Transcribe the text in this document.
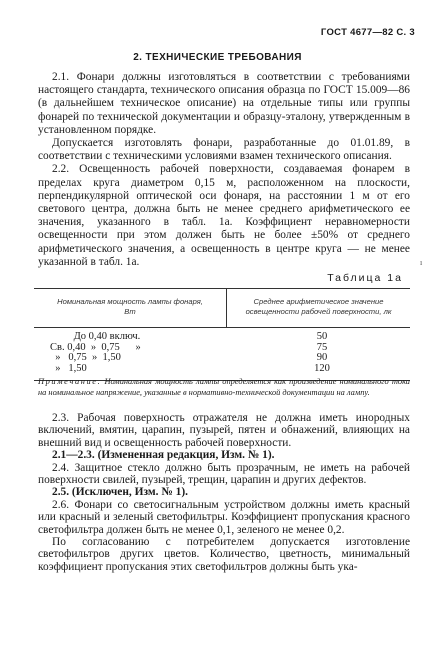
ГОСТ 4677—82 С. 3
2. ТЕХНИЧЕСКИЕ ТРЕБОВАНИЯ

2.1. Фонари должны изготовляться в соответствии с требованиями настоящего стандарта, технического описания образца по ГОСТ 15.009—86 (в дальнейшем техническое описание) на отдельные типы или группы фонарей по технической документации и образцу-эталону, утвержденным в установленном порядке.

Допускается изготовлять фонари, разработанные до 01.01.89, в соответствии с техническими условиями взамен технического описания.

2.2. Освещенность рабочей поверхности, создаваемая фонарем в пределах круга диаметром 0,15 м, расположенном на плоскости, перпендикулярной оптической оси фонаря, на расстоянии 1 м от его светового центра, должна быть не менее среднего арифметического ее значения, указанного в табл. 1а. Коэффициент неравномерности освещенности при этом должен быть не более ±50% от среднего арифметического значения, а освещенность в центре круга — не менее указанной в табл. 1а.	ı
Таблица 1а
Номинальная мощность лампы фонаря,
Вт
Среднее арифметическое значение
освещенности рабочей поверхности, лк
До 0,40 включ.
Св. 0,40  »  0,75      »
»   0,75  »  1,50
»   1,50
50
75
90
120
Примечание. Номинальная мощность лампы определяется как произведение номинального тока на номинальное напряжение, указанные в нормативно-технической документации на лампу.

2.3. Рабочая поверхность отражателя не должна иметь инородных включений, вмятин, царапин, пузырей, пятен и обнажений, влияющих на внешний вид и освещенность рабочей поверхности.

2.1—2.3. (Измененная редакция, Изм. № 1).

2.4. Защитное стекло должно быть прозрачным, не иметь на рабочей поверхности свилей, пузырей, трещин, царапин и других дефектов.

2.5. (Исключен, Изм. № 1).

2.6. Фонари со светосигнальным устройством должны иметь красный или красный и зеленый светофильтры. Коэффициент пропускания красного светофильтра должен быть не менее 0,1, зеленого не менее 0,2.

По согласованию с потребителем допускается изготовление светофильтров других цветов. Количество, цветность, минимальный коэффициент пропускания этих светофильтров должны быть ука-
